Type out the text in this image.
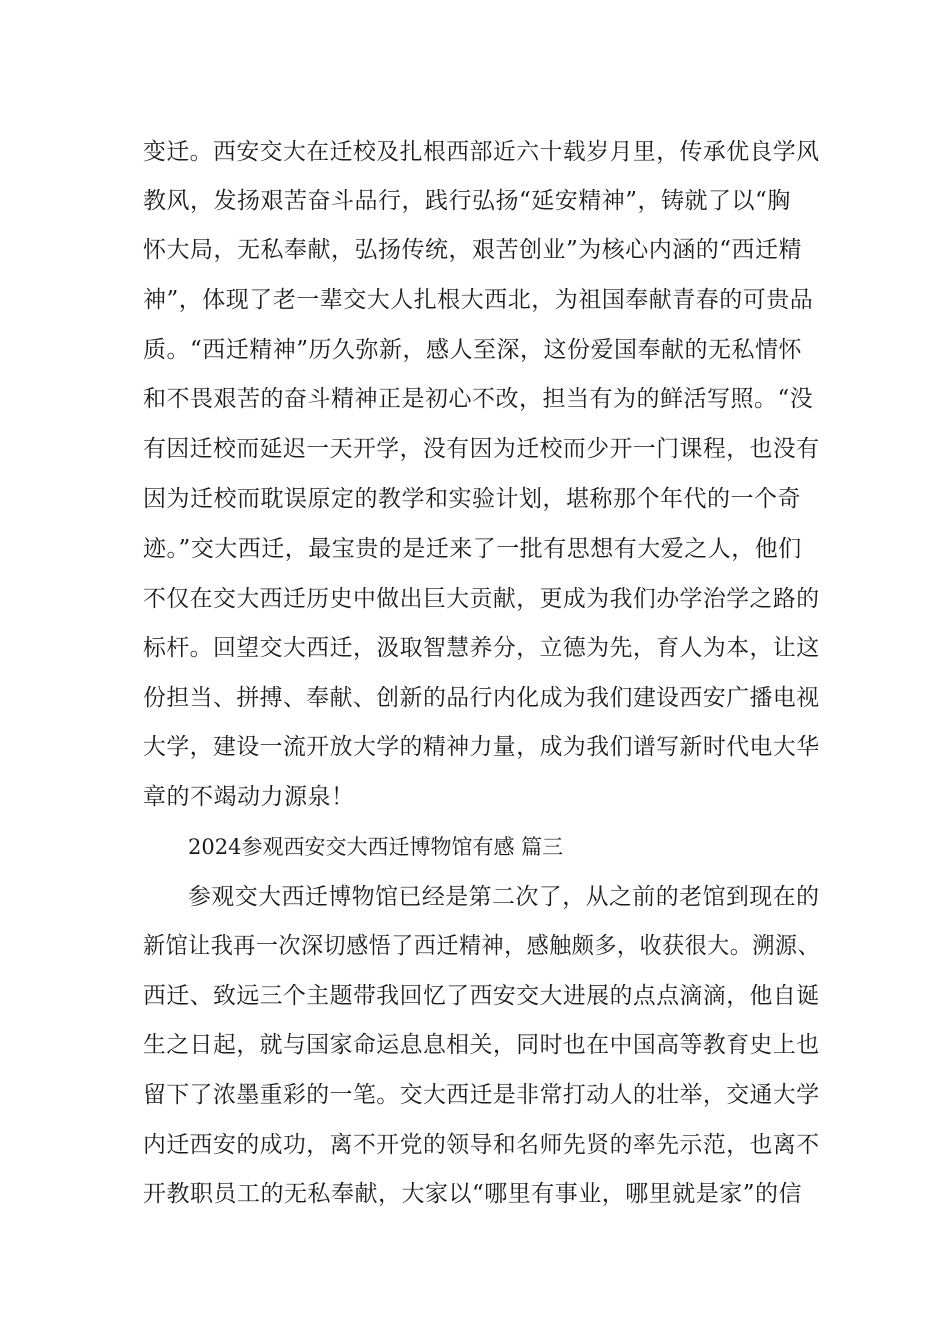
变迁。西安交大在迁校及扎根西部近六十载岁月里，传承优良学风
教风，发扬艰苦奋斗品行，践行弘扬“延安精神”，铸就了以“胸
怀大局，无私奉献，弘扬传统，艰苦创业”为核心内涵的“西迁精
神”，体现了老一辈交大人扎根大西北，为祖国奉献青春的可贵品
质。“西迁精神”历久弥新，感人至深，这份爱国奉献的无私情怀
和不畏艰苦的奋斗精神正是初心不改，担当有为的鲜活写照。“没
有因迁校而延迟一天开学，没有因为迁校而少开一门课程，也没有
因为迁校而耽误原定的教学和实验计划，堪称那个年代的一个奇
迹。”交大西迁，最宝贵的是迁来了一批有思想有大爱之人，他们
不仅在交大西迁历史中做出巨大贡献，更成为我们办学治学之路的
标杆。回望交大西迁，汲取智慧养分，立德为先，育人为本，让这
份担当、拼搏、奉献、创新的品行内化成为我们建设西安广播电视
大学，建设一流开放大学的精神力量，成为我们谱写新时代电大华
章的不竭动力源泉！
2024参观西安交大西迁博物馆有感 篇三
参观交大西迁博物馆已经是第二次了，从之前的老馆到现在的
新馆让我再一次深切感悟了西迁精神，感触颇多，收获很大。溯源、
西迁、致远三个主题带我回忆了西安交大进展的点点滴滴，他自诞
生之日起，就与国家命运息息相关，同时也在中国高等教育史上也
留下了浓墨重彩的一笔。交大西迁是非常打动人的壮举，交通大学
内迁西安的成功，离不开党的领导和名师先贤的率先示范，也离不
开教职员工的无私奉献，大家以“哪里有事业，哪里就是家”的信
